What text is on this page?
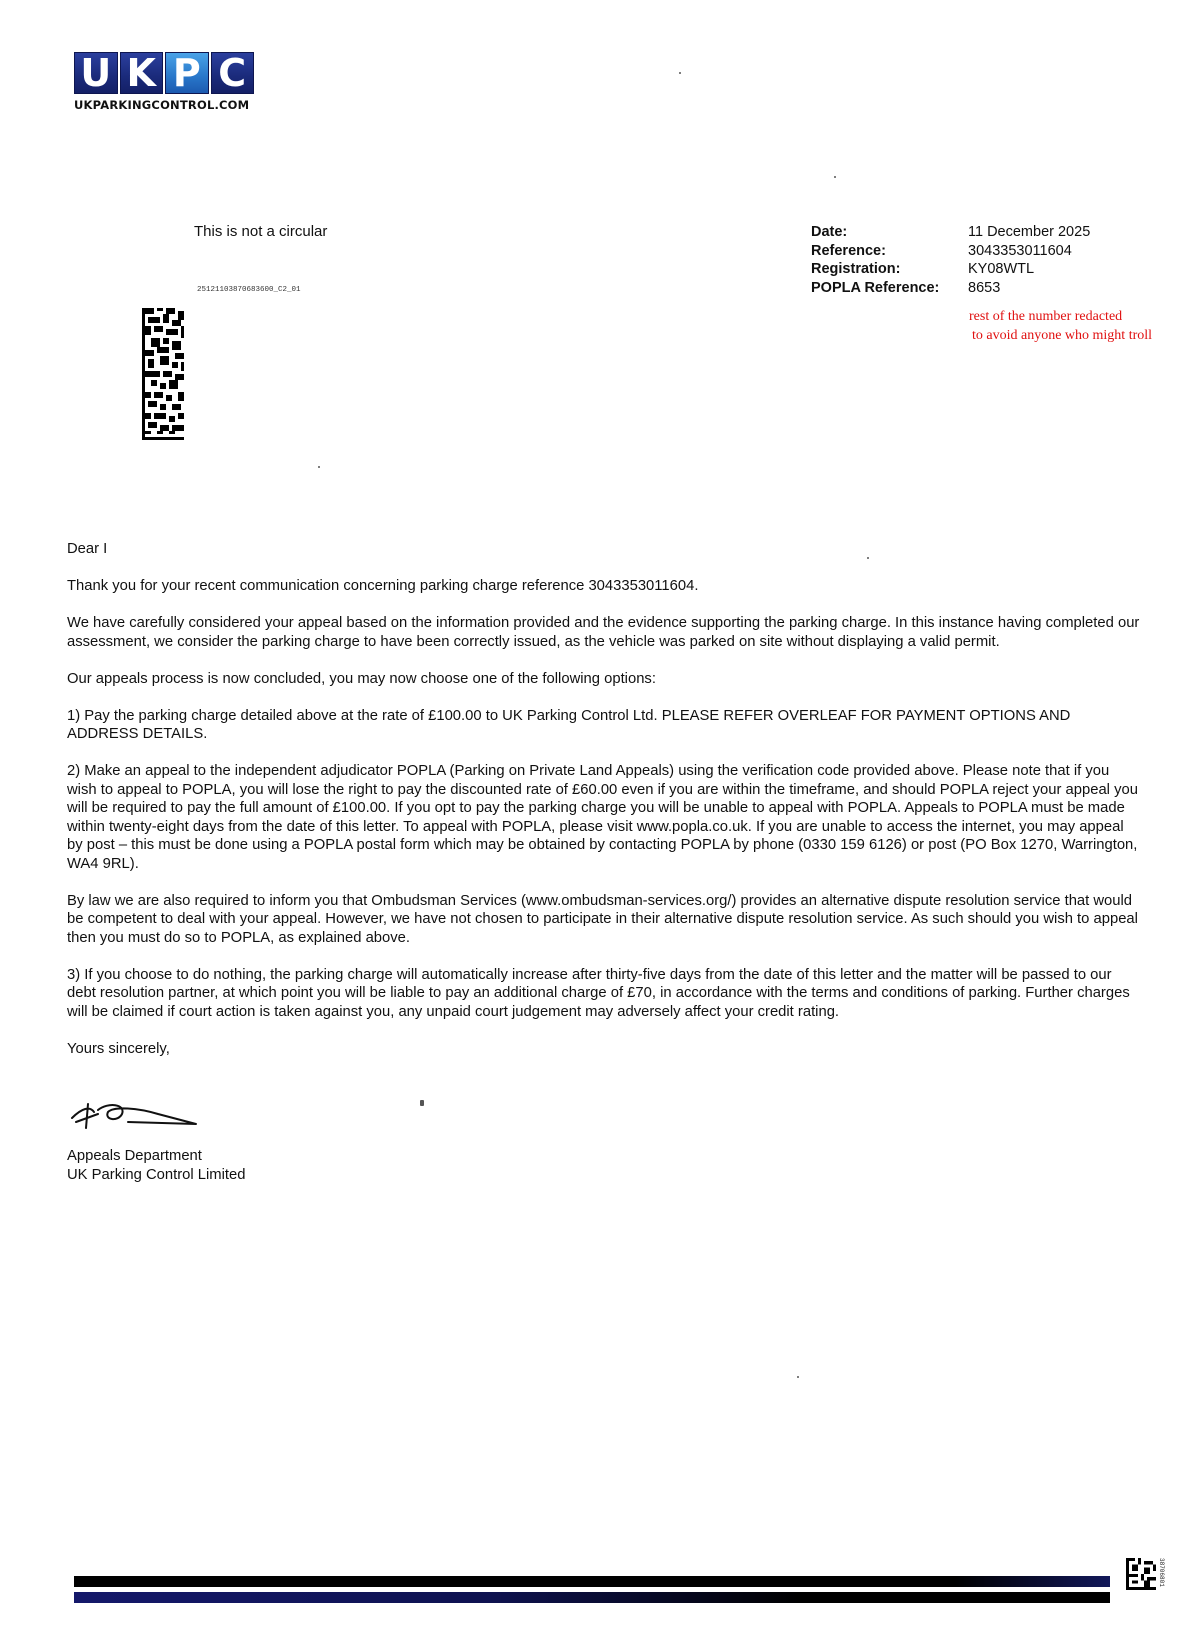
U K P C
UKPARKINGCONTROL.COM
This is not a circular
25121103870683600_C2_01
Date:	11 December 2025
Reference:	3043353011604
Registration:	KY08WTL
POPLA Reference:	8653
rest of the number redacted
to avoid anyone who might troll

Dear I

Thank you for your recent communication concerning parking charge reference 3043353011604.

We have carefully considered your appeal based on the information provided and the evidence supporting the parking charge. In this instance having completed our assessment, we consider the parking charge to have been correctly issued, as the vehicle was parked on site without displaying a valid permit.

Our appeals process is now concluded, you may now choose one of the following options:

1) Pay the parking charge detailed above at the rate of £100.00 to UK Parking Control Ltd. PLEASE REFER OVERLEAF FOR PAYMENT OPTIONS AND ADDRESS DETAILS.

2) Make an appeal to the independent adjudicator POPLA (Parking on Private Land Appeals) using the verification code provided above. Please note that if you wish to appeal to POPLA, you will lose the right to pay the discounted rate of £60.00 even if you are within the timeframe, and should POPLA reject your appeal you will be required to pay the full amount of £100.00. If you opt to pay the parking charge you will be unable to appeal with POPLA. Appeals to POPLA must be made within twenty-eight days from the date of this letter. To appeal with POPLA, please visit www.popla.co.uk. If you are unable to access the internet, you may appeal by post – this must be done using a POPLA postal form which may be obtained by contacting POPLA by phone (0330 159 6126) or post (PO Box 1270, Warrington, WA4 9RL).

By law we are also required to inform you that Ombudsman Services (www.ombudsman-services.org/) provides an alternative dispute resolution service that would be competent to deal with your appeal. However, we have not chosen to participate in their alternative dispute resolution service. As such should you wish to appeal then you must do so to POPLA, as explained above.

3) If you choose to do nothing, the parking charge will automatically increase after thirty-five days from the date of this letter and the matter will be passed to our debt resolution partner, at which point you will be liable to pay an additional charge of £70, in accordance with the terms and conditions of parking. Further charges will be claimed if court action is taken against you, any unpaid court judgement may adversely affect your credit rating.

Yours sincerely,

Appeals Department
UK Parking Control Limited
38706801
